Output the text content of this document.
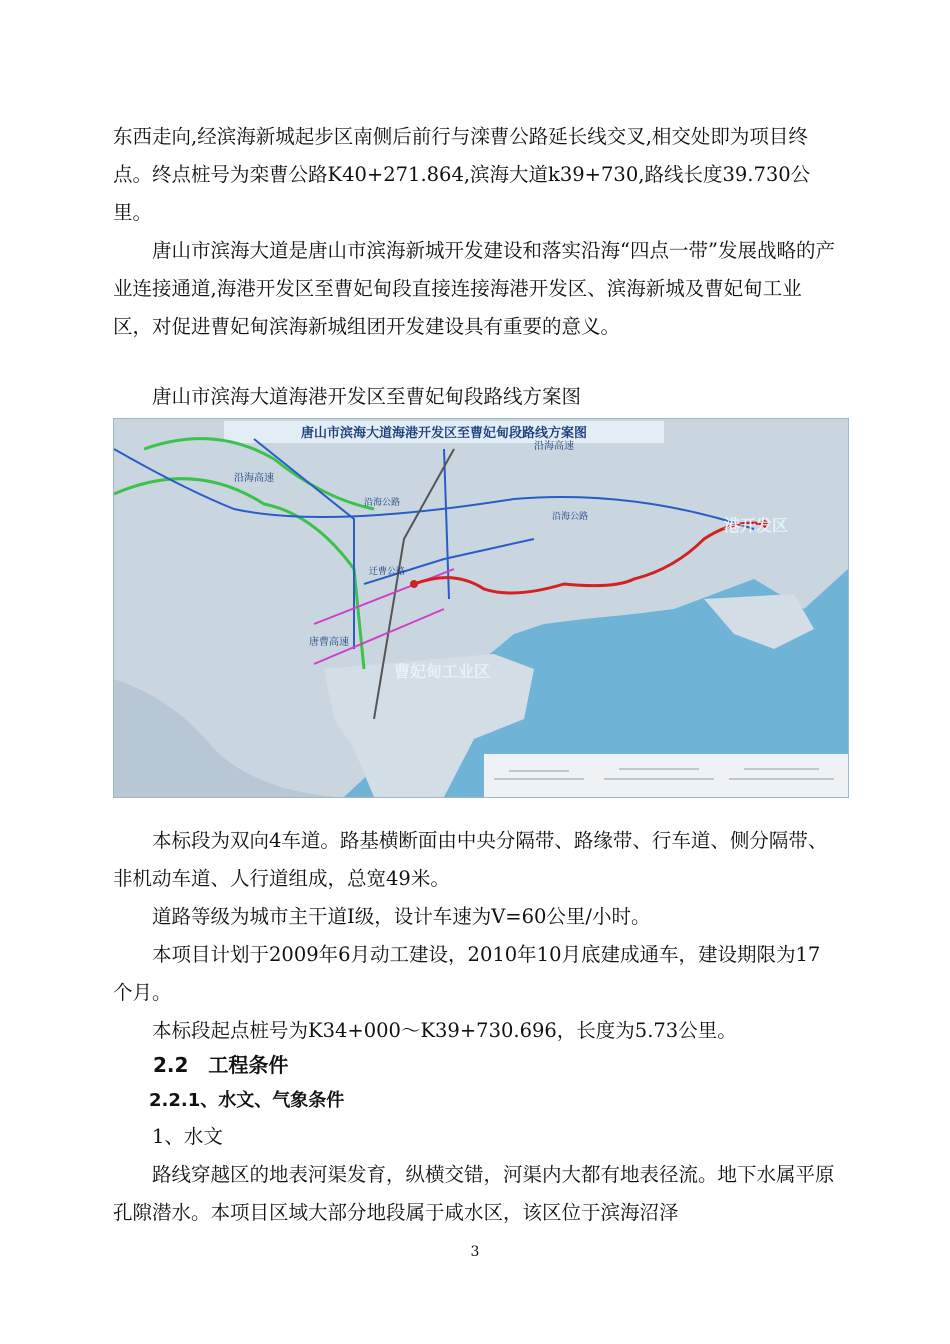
东西走向,经滨海新城起步区南侧后前行与滦曹公路延长线交叉,相交处即为项目终点。终点桩号为栾曹公路K40+271.864,滨海大道k39+730,路线长度39.730公里。

唐山市滨海大道是唐山市滨海新城开发建设和落实沿海“四点一带”发展战略的产业连接通道,海港开发区至曹妃甸段直接连接海港开发区、滨海新城及曹妃甸工业区，对促进曹妃甸滨海新城组团开发建设具有重要的意义。

唐山市滨海大道海港开发区至曹妃甸段路线方案图

唐山市滨海大道海港开发区至曹妃甸段路线方案图
沿海高速
沿海高速
沿海公路
沿海公路
迁曹公路
唐曹高速
港开发区
曹妃甸工业区

本标段为双向4车道。路基横断面由中央分隔带、路缘带、行车道、侧分隔带、非机动车道、人行道组成，总宽49米。

道路等级为城市主干道Ⅰ级，设计车速为V=60公里/小时。

本项目计划于2009年6月动工建设，2010年10月底建成通车，建设期限为17个月。

本标段起点桩号为K34+000～K39+730.696，长度为5.73公里。

2.2　工程条件

2.2.1、水文、气象条件

1、水文

路线穿越区的地表河渠发育，纵横交错，河渠内大都有地表径流。地下水属平原孔隙潜水。本项目区域大部分地段属于咸水区，该区位于滨海沼泽

3
